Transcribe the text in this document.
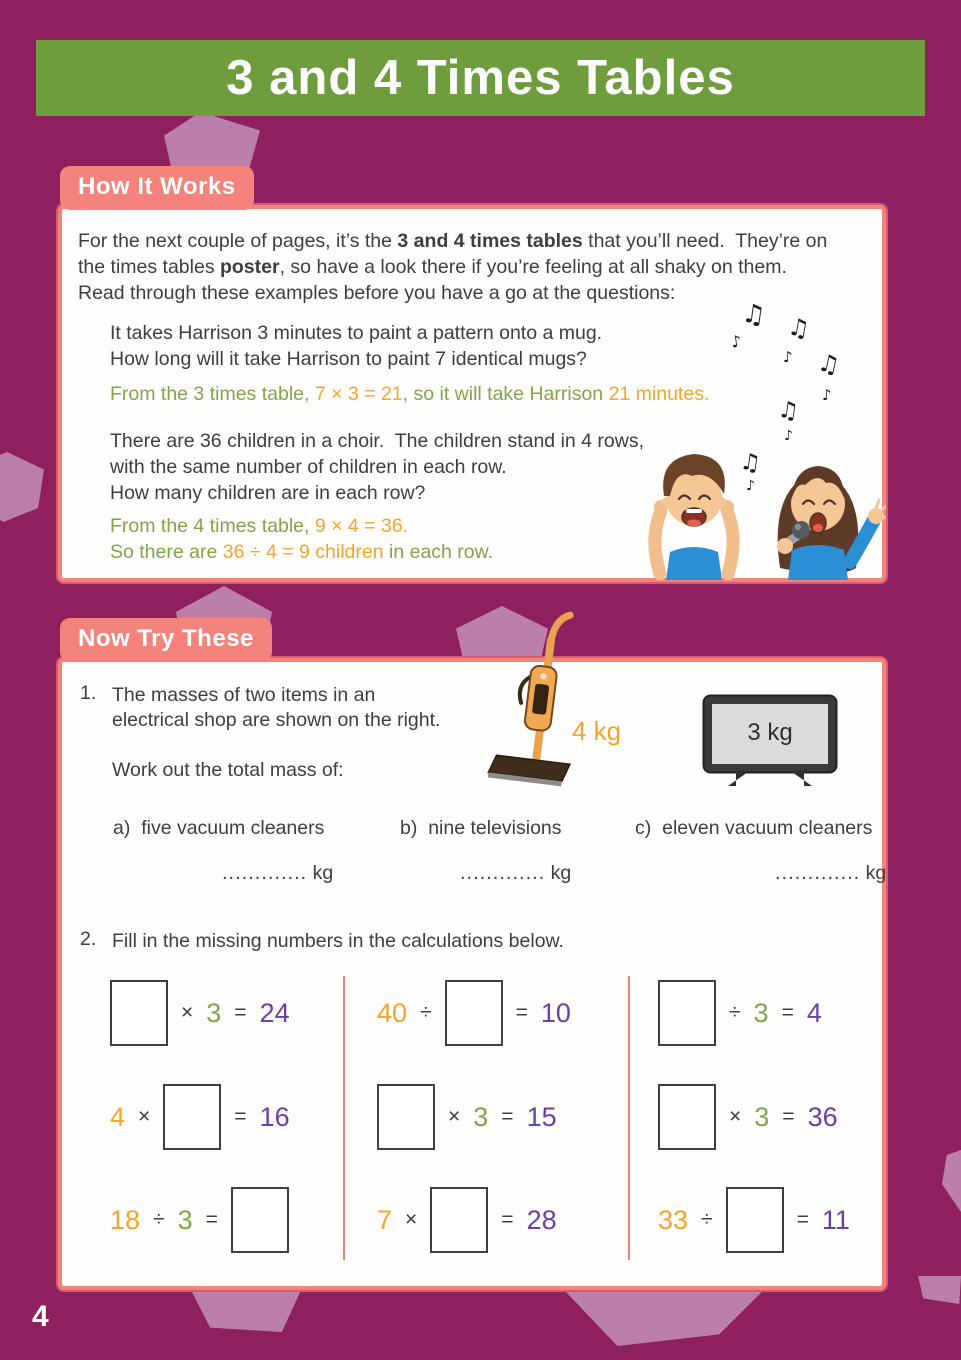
3 and 4 Times Tables
How It Works
For the next couple of pages, it’s the 3 and 4 times tables that you’ll need.  They’re on
the times tables poster, so have a look there if you’re feeling at all shaky on them.
Read through these examples before you have a go at the questions:
It takes Harrison 3 minutes to paint a pattern onto a mug.
How long will it take Harrison to paint 7 identical mugs?
From the 3 times table, 7 × 3 = 21, so it will take Harrison 21 minutes.
There are 36 children in a choir.  The children stand in 4 rows,
with the same number of children in each row.
How many children are in each row?
From the 4 times table, 9 × 4 = 36.
So there are 36 ÷ 4 = 9 children in each row.
♫
♪ ♫
♪ ♫
♪
♫
♪
♫
♪
Now Try These
1. The masses of two items in an
electrical shop are shown on the right.
Work out the total mass of:
4 kg	3 kg
a) five vacuum cleaners	b) nine televisions	c) eleven vacuum cleaners
............. kg	............. kg	............. kg
2. Fill in the missing numbers in the calculations below.
× 3 = 24	40 ÷	= 10	÷ 3 = 4
4 ×	= 16	× 3 = 15	× 3 = 36
18 ÷ 3 =	7 ×	= 28	33 ÷	= 11
4
